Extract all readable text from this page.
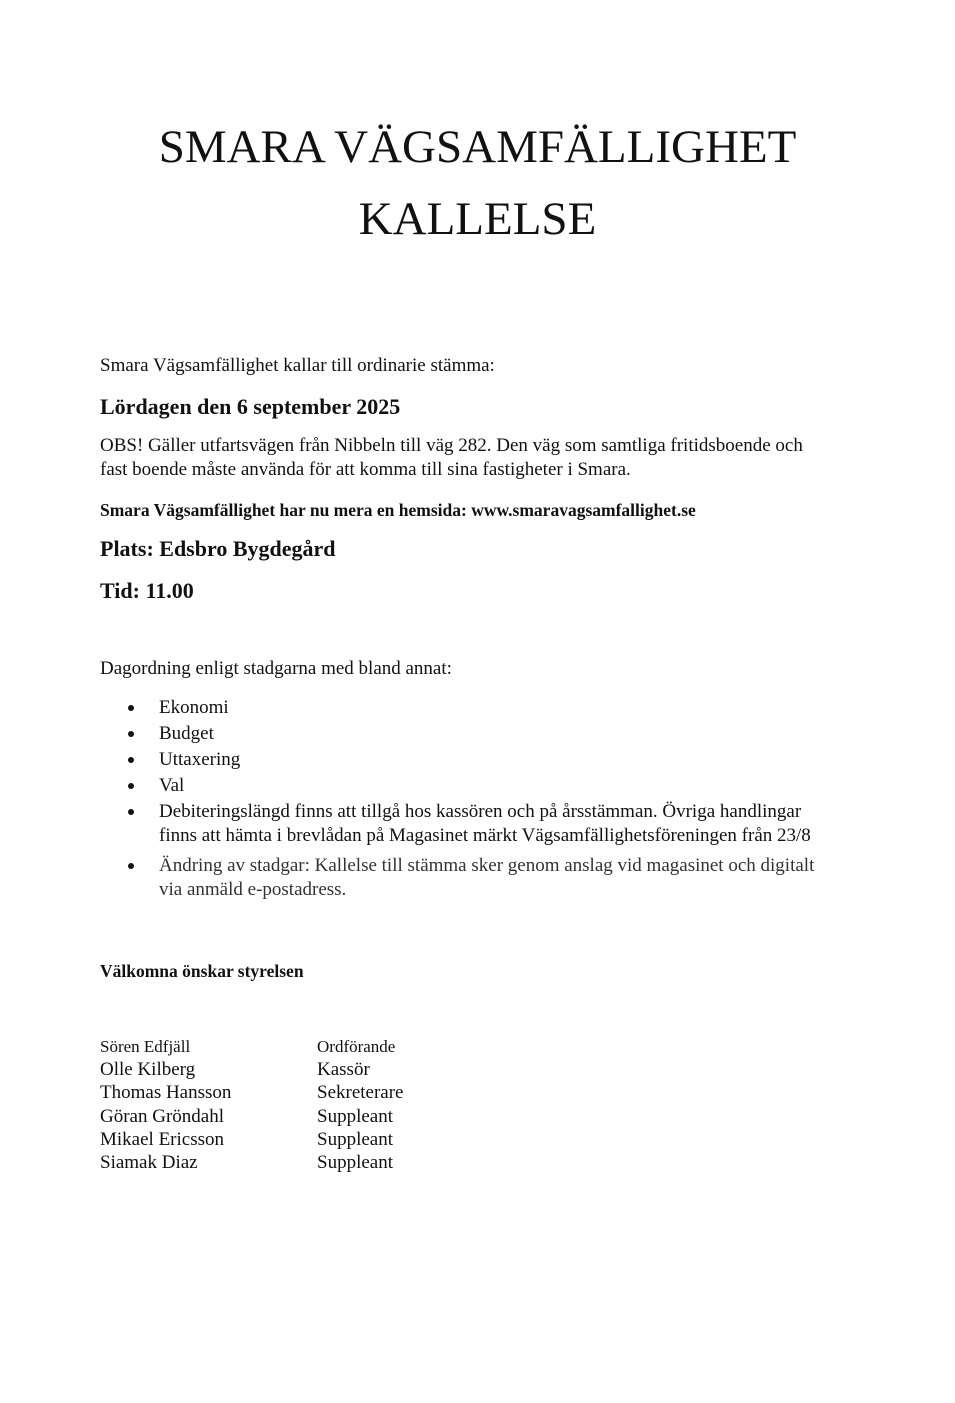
SMARA VÄGSAMFÄLLIGHET
KALLELSE

Smara Vägsamfällighet kallar till ordinarie stämma:

Lördagen den 6 september 2025

OBS! Gäller utfartsvägen från Nibbeln till väg 282. Den väg som samtliga fritidsboende och
fast boende måste använda för att komma till sina fastigheter i Smara.

Smara Vägsamfällighet har nu mera en hemsida: www.smaravagsamfallighet.se

Plats: Edsbro Bygdegård

Tid: 11.00

Dagordning enligt stadgarna med bland annat:

Ekonomi
Budget
Uttaxering
Val
Debiteringslängd finns att tillgå hos kassören och på årsstämman. Övriga handlingar
finns att hämta i brevlådan på Magasinet märkt Vägsamfällighetsföreningen från 23/8
Ändring av stadgar: Kallelse till stämma sker genom anslag vid magasinet och digitalt
via anmäld e-postadress.

Välkomna önskar styrelsen

Sören Edfjäll	Ordförande
Olle Kilberg	Kassör
Thomas Hansson	Sekreterare
Göran Gröndahl	Suppleant
Mikael Ericsson	Suppleant
Siamak Diaz	Suppleant
